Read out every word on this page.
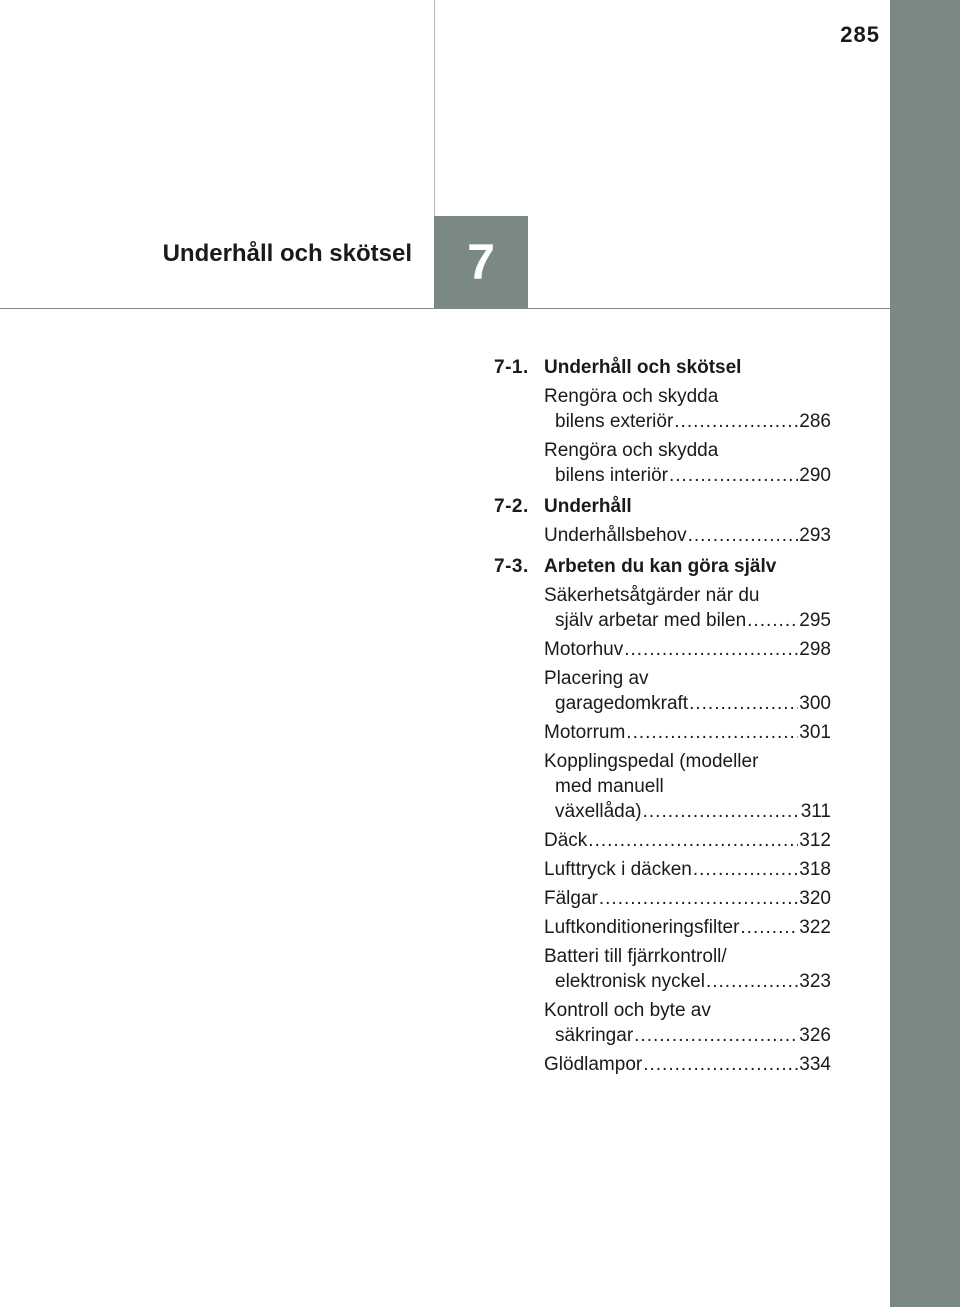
285
Underhåll och skötsel	7
7-1. Underhåll och skötsel
Rengöra och skydda
bilens exteriör .....	286
Rengöra och skydda
bilens interiör .....	290
7-2. Underhåll
Underhållsbehov .....	293
7-3. Arbeten du kan göra själv
Säkerhetsåtgärder när du
själv arbetar med bilen .....	295
Motorhuv .....	298
Placering av
garagedomkraft .....	300
Motorrum .....	301
Kopplingspedal (modeller
med manuell
växellåda) .....	311
Däck .....	312
Lufttryck i däcken .....	318
Fälgar .....	320
Luftkonditioneringsfilter .....	322
Batteri till fjärrkontroll/
elektronisk nyckel .....	323
Kontroll och byte av
säkringar .....	326
Glödlampor .....	334
